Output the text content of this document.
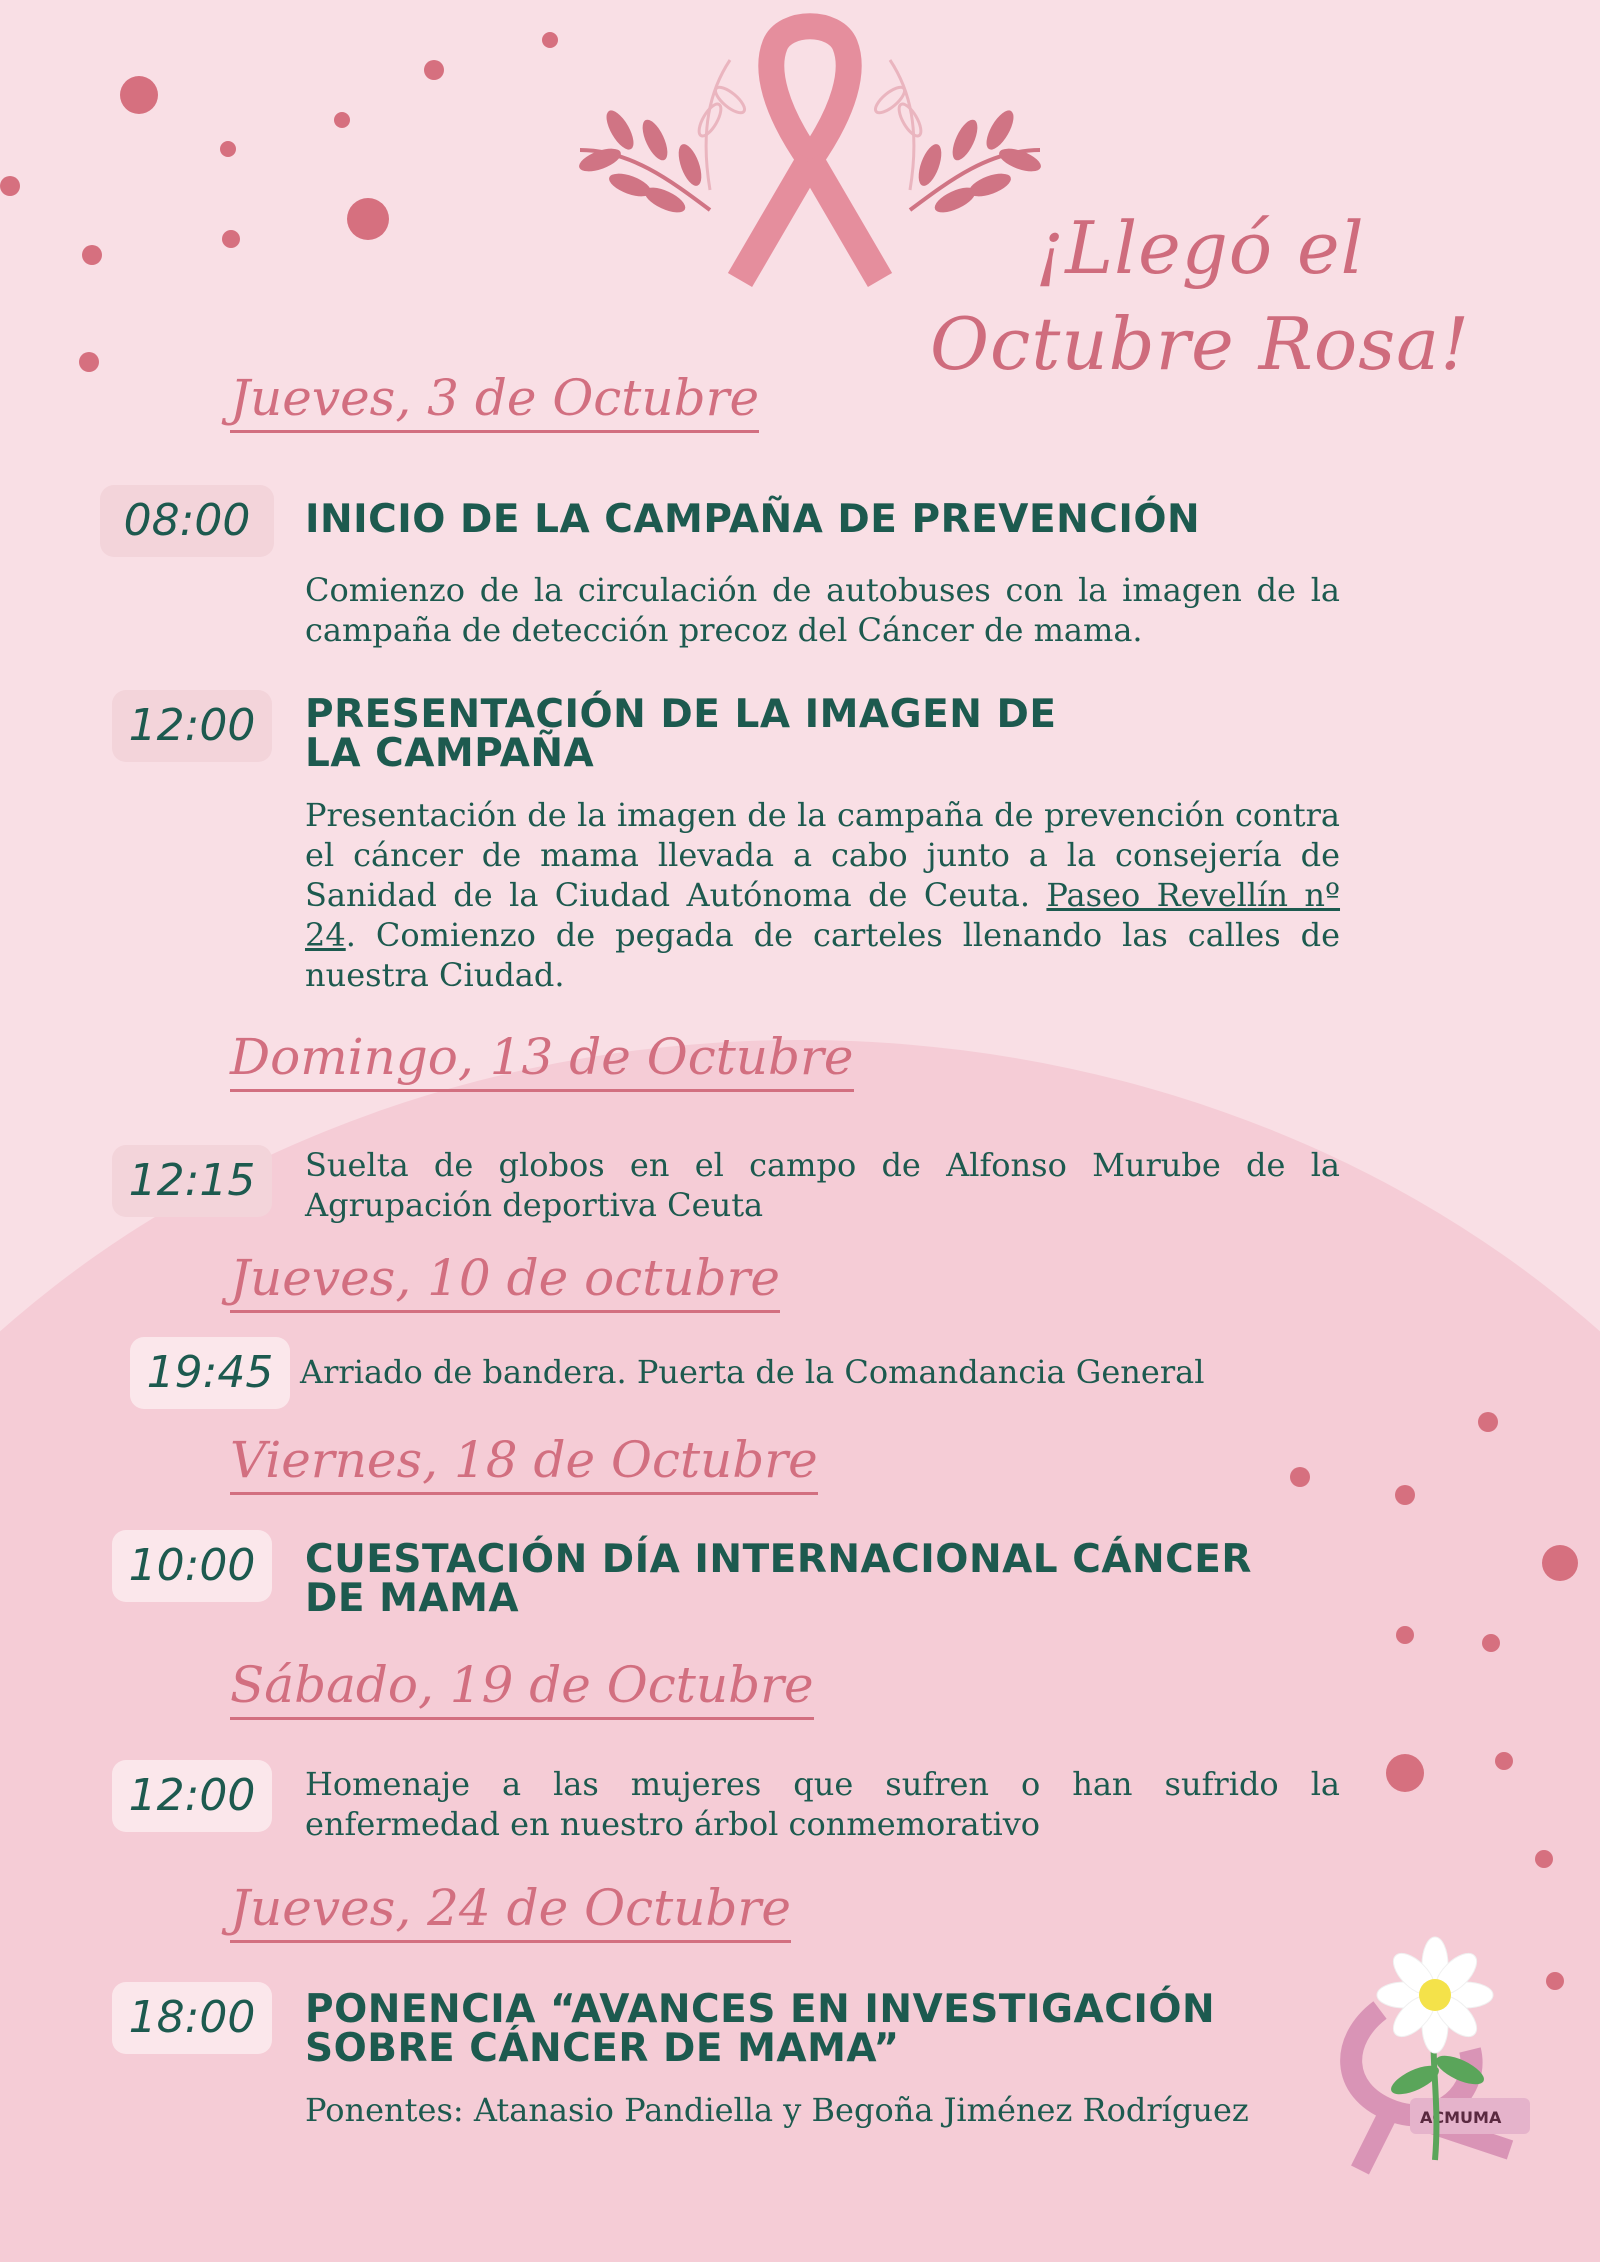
¡Llegó el
Octubre Rosa!
Jueves, 3 de Octubre
08:00	INICIO DE LA CAMPAÑA DE PREVENCIÓN
Comienzo de la circulación de autobuses con la imagen de la campaña de detección precoz del Cáncer de mama.
12:00	PRESENTACIÓN DE LA IMAGEN DE LA CAMPAÑA
Presentación de la imagen de la campaña de prevención contra el cáncer de mama llevada a cabo junto a la consejería de Sanidad de la Ciudad Autónoma de Ceuta. Paseo Revellín nº 24. Comienzo de pegada de carteles llenando las calles de nuestra Ciudad.
Domingo, 13 de Octubre
12:15	Suelta de globos en el campo de Alfonso Murube de la Agrupación deportiva Ceuta
Jueves, 10 de octubre
19:45 Arriado de bandera. Puerta de la Comandancia General
Viernes, 18 de Octubre
10:00	CUESTACIÓN DÍA INTERNACIONAL CÁNCER DE MAMA
Sábado, 19 de Octubre
12:00	Homenaje a las mujeres que sufren o han sufrido la enfermedad en nuestro árbol conmemorativo
Jueves, 24 de Octubre
18:00	PONENCIA “AVANCES EN INVESTIGACIÓN SOBRE CÁNCER DE MAMA”
Ponentes: Atanasio Pandiella y Begoña Jiménez Rodríguez	ACMUMA
